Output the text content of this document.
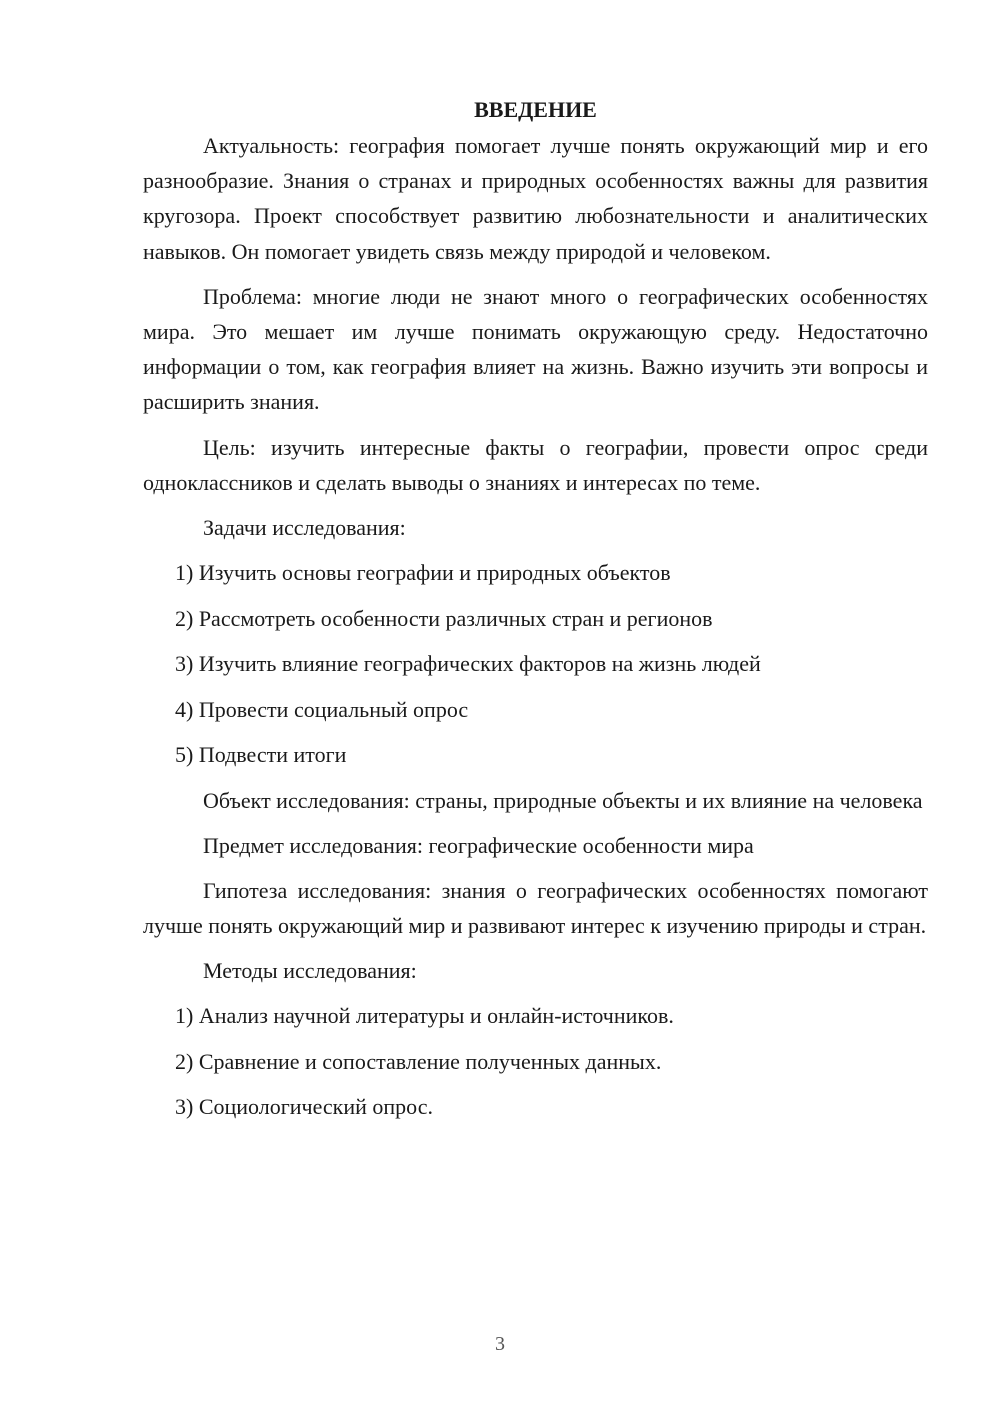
ВВЕДЕНИЕ

Актуальность: география помогает лучше понять окружающий мир и его разнообразие. Знания о странах и природных особенностях важны для развития кругозора. Проект способствует развитию любознательности и аналитических навыков. Он помогает увидеть связь между природой и человеком.

Проблема: многие люди не знают много о географических особенностях мира. Это мешает им лучше понимать окружающую среду. Недостаточно информации о том, как география влияет на жизнь. Важно изучить эти вопросы и расширить знания.

Цель: изучить интересные факты о географии, провести опрос среди одноклассников и сделать выводы о знаниях и интересах по теме.

Задачи исследования:

1) Изучить основы географии и природных объектов
2) Рассмотреть особенности различных стран и регионов
3) Изучить влияние географических факторов на жизнь людей
4) Провести социальный опрос
5) Подвести итоги

Объект исследования: страны, природные объекты и их влияние на человека

Предмет исследования: географические особенности мира

Гипотеза исследования: знания о географических особенностях помогают лучше понять окружающий мир и развивают интерес к изучению природы и стран.

Методы исследования:

1) Анализ научной литературы и онлайн-источников.
2) Сравнение и сопоставление полученных данных.
3) Социологический опрос.
3
